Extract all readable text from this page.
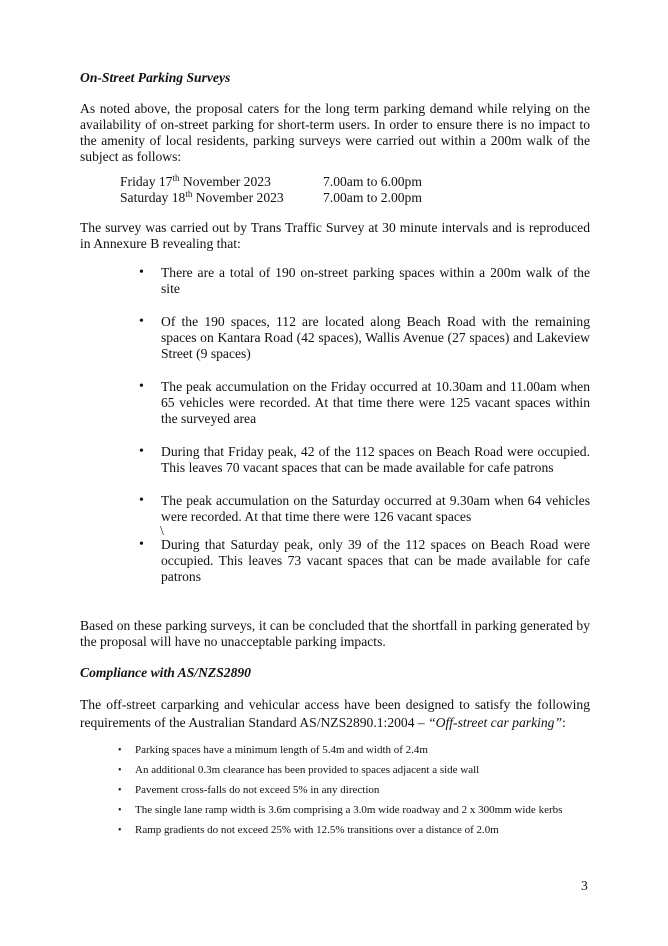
On-Street Parking Surveys

As noted above, the proposal caters for the long term parking demand while relying on the availability of on-street parking for short-term users. In order to ensure there is no impact to the amenity of local residents, parking surveys were carried out within a 200m walk of the subject as follows:

Friday 17th November 2023	7.00am to 6.00pm
Saturday 18th November 2023	7.00am to 2.00pm

The survey was carried out by Trans Traffic Survey at 30 minute intervals and is reproduced in Annexure B revealing that:

• There are a total of 190 on-street parking spaces within a 200m walk of the site
• Of the 190 spaces, 112 are located along Beach Road with the remaining spaces on Kantara Road (42 spaces), Wallis Avenue (27 spaces) and Lakeview Street (9 spaces)
• The peak accumulation on the Friday occurred at 10.30am and 11.00am when 65 vehicles were recorded. At that time there were 125 vacant spaces within the surveyed area
• During that Friday peak, 42 of the 112 spaces on Beach Road were occupied. This leaves 70 vacant spaces that can be made available for cafe patrons
• The peak accumulation on the Saturday occurred at 9.30am when 64 vehicles were recorded. At that time there were 126 vacant spaces
\
• During that Saturday peak, only 39 of the 112 spaces on Beach Road were occupied. This leaves 73 vacant spaces that can be made available for cafe patrons

Based on these parking surveys, it can be concluded that the shortfall in parking generated by the proposal will have no unacceptable parking impacts.

Compliance with AS/NZS2890

The off-street carparking and vehicular access have been designed to satisfy the following requirements of the Australian Standard AS/NZS2890.1:2004 – “Off-street car parking”:

• Parking spaces have a minimum length of 5.4m and width of 2.4m
• An additional 0.3m clearance has been provided to spaces adjacent a side wall
• Pavement cross-falls do not exceed 5% in any direction
• The single lane ramp width is 3.6m comprising a 3.0m wide roadway and 2 x 300mm wide kerbs
• Ramp gradients do not exceed 25% with 12.5% transitions over a distance of 2.0m
3
